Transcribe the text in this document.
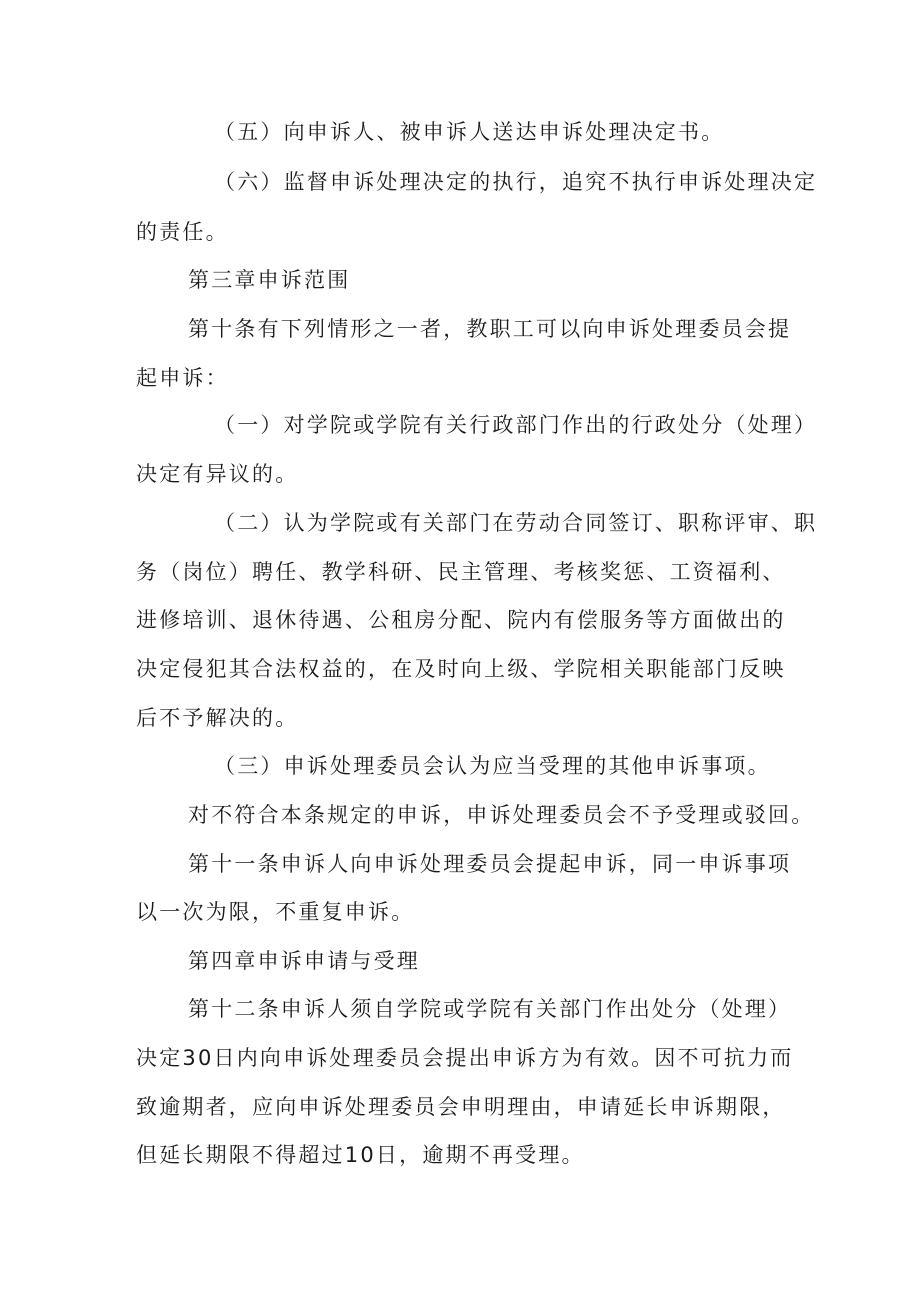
（五）向申诉人、被申诉人送达申诉处理决定书。
（六）监督申诉处理决定的执行，追究不执行申诉处理决定
的责任。
第三章申诉范围
第十条有下列情形之一者，教职工可以向申诉处理委员会提
起申诉：
（一）对学院或学院有关行政部门作出的行政处分（处理）
决定有异议的。
（二）认为学院或有关部门在劳动合同签订、职称评审、职
务（岗位）聘任、教学科研、民主管理、考核奖惩、工资福利、
进修培训、退休待遇、公租房分配、院内有偿服务等方面做出的
决定侵犯其合法权益的，在及时向上级、学院相关职能部门反映
后不予解决的。
（三）申诉处理委员会认为应当受理的其他申诉事项。
对不符合本条规定的申诉，申诉处理委员会不予受理或驳回。
第十一条申诉人向申诉处理委员会提起申诉，同一申诉事项
以一次为限，不重复申诉。
第四章申诉申请与受理
第十二条申诉人须自学院或学院有关部门作出处分（处理）
决定30日内向申诉处理委员会提出申诉方为有效。因不可抗力而
致逾期者，应向申诉处理委员会申明理由，申请延长申诉期限，
但延长期限不得超过10日，逾期不再受理。
